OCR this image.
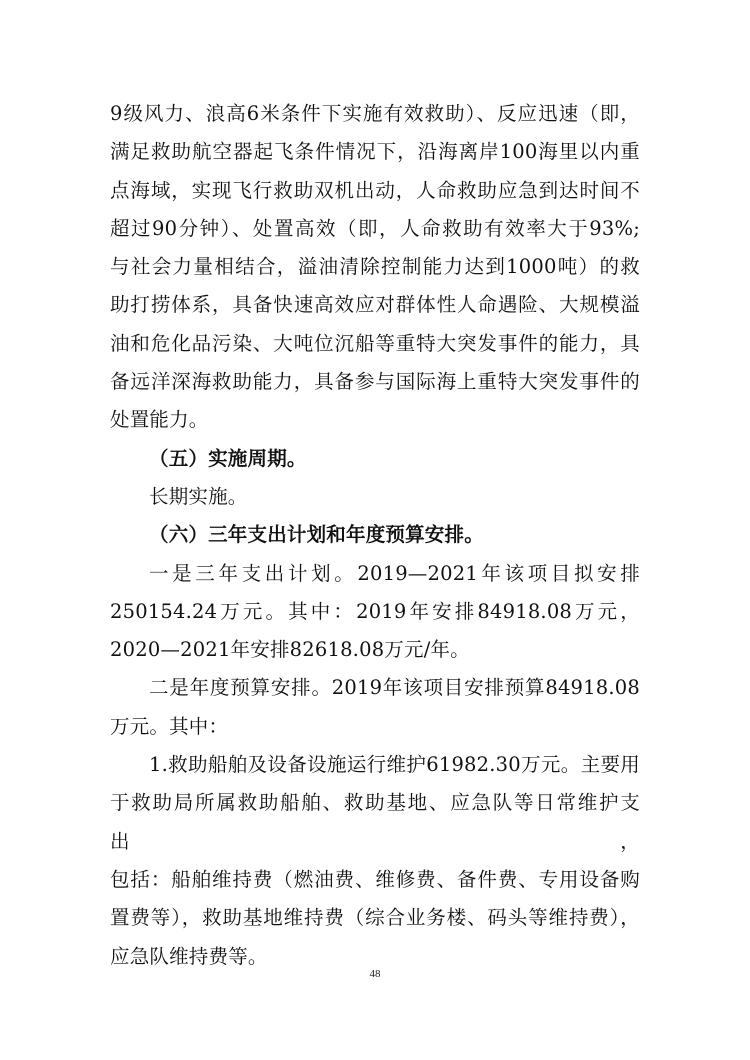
9级风力、浪高6米条件下实施有效救助）、反应迅速（即，

满足救助航空器起飞条件情况下，沿海离岸100海里以内重

点海域，实现飞行救助双机出动，人命救助应急到达时间不

超过90分钟）、处置高效（即，人命救助有效率大于93%;

与社会力量相结合，溢油清除控制能力达到1000吨）的救

助打捞体系，具备快速高效应对群体性人命遇险、大规模溢

油和危化品污染、大吨位沉船等重特大突发事件的能力，具

备远洋深海救助能力，具备参与国际海上重特大突发事件的

处置能力。

（五）实施周期。

长期实施。

（六）三年支出计划和年度预算安排。

一是三年支出计划。2019—2021年该项目拟安排

250154.24万元。其中：2019年安排84918.08万元，

2020—2021年安排82618.08万元/年。

二是年度预算安排。2019年该项目安排预算84918.08

万元。其中：

1.救助船舶及设备设施运行维护61982.30万元。主要用

于救助局所属救助船舶、救助基地、应急队等日常维护支出，

包括：船舶维持费（燃油费、维修费、备件费、专用设备购

置费等），救助基地维持费（综合业务楼、码头等维持费），

应急队维持费等。

48
